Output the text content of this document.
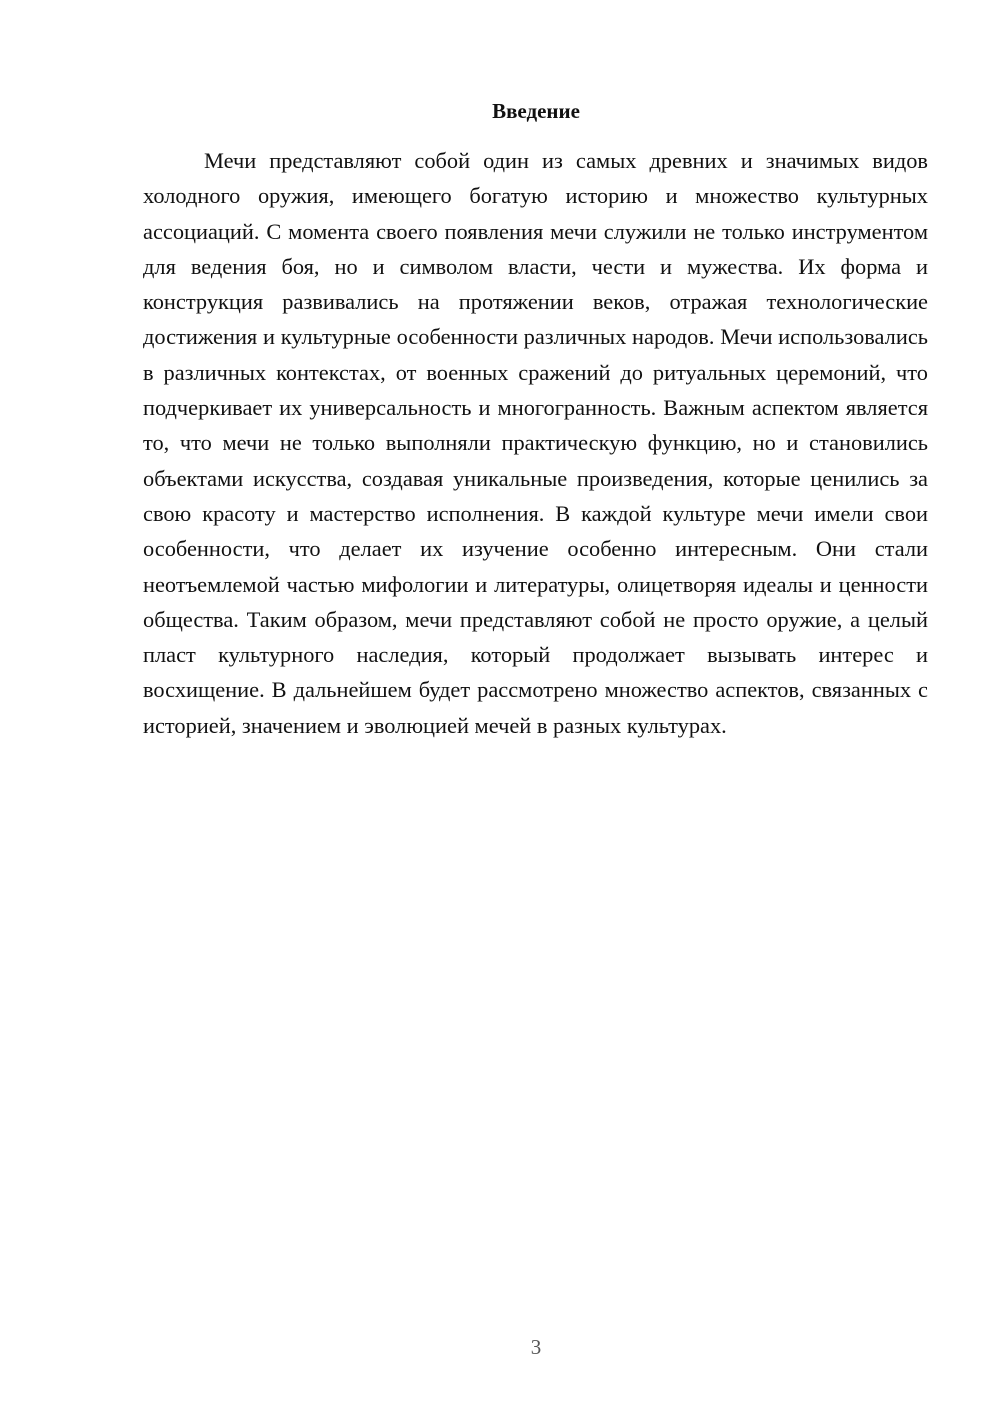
Введение

Мечи представляют собой один из самых древних и значимых видов холодного оружия, имеющего богатую историю и множество культурных ассоциаций. С момента своего появления мечи служили не только инструментом для ведения боя, но и символом власти, чести и мужества. Их форма и конструкция развивались на протяжении веков, отражая технологические достижения и культурные особенности различных народов. Мечи использовались в различных контекстах, от военных сражений до ритуальных церемоний, что подчеркивает их универсальность и многогранность. Важным аспектом является то, что мечи не только выполняли практическую функцию, но и становились объектами искусства, создавая уникальные произведения, которые ценились за свою красоту и мастерство исполнения. В каждой культуре мечи имели свои особенности, что делает их изучение особенно интересным. Они стали неотъемлемой частью мифологии и литературы, олицетворяя идеалы и ценности общества. Таким образом, мечи представляют собой не просто оружие, а целый пласт культурного наследия, который продолжает вызывать интерес и восхищение. В дальнейшем будет рассмотрено множество аспектов, связанных с историей, значением и эволюцией мечей в разных культурах.

3
